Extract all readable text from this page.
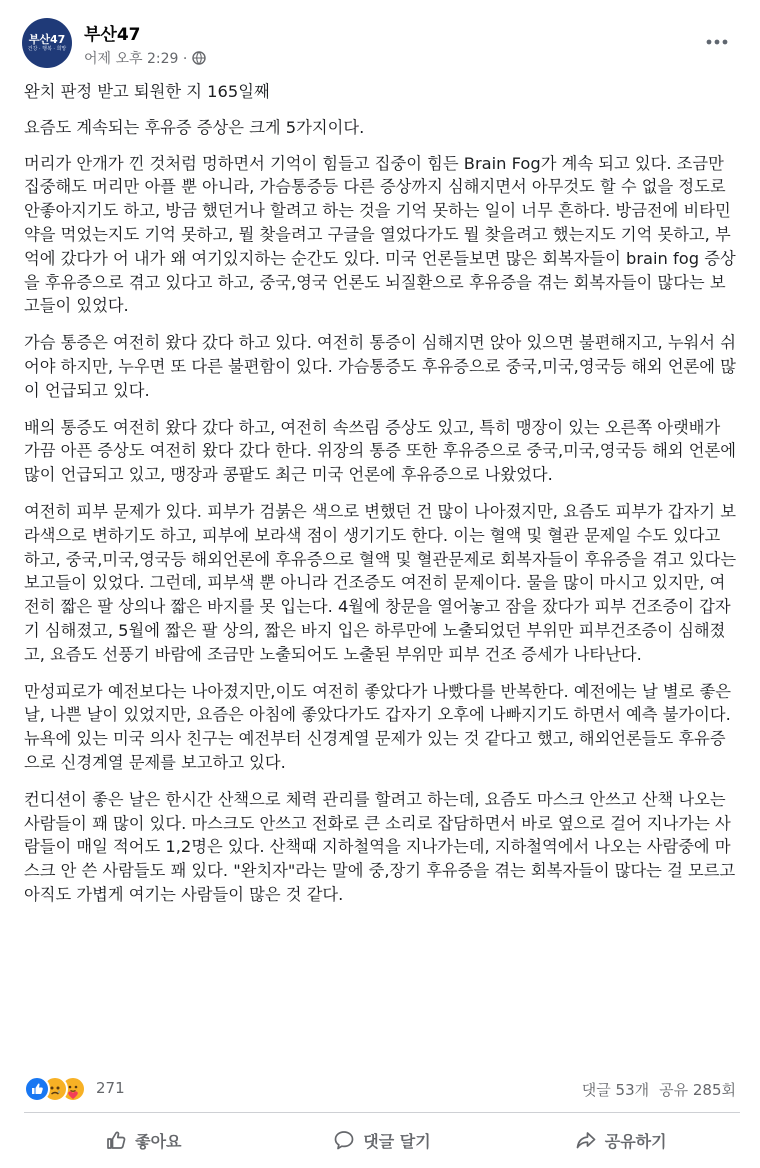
부산47
건강 · 행복 · 희망
부산47
어제 오후 2:29 ·

완치 판정 받고 퇴원한 지 165일째

요즘도 계속되는 후유증 증상은 크게 5가지이다.

머리가 안개가 낀 것처럼 멍하면서 기억이 힘들고 집중이 힘든 Brain Fog가 계속 되고 있다. 조금만 집중해도 머리만 아플 뿐 아니라, 가슴통증등 다른 증상까지 심해지면서 아무것도 할 수 없을 정도로 안좋아지기도 하고, 방금 했던거나 할려고 하는 것을 기억 못하는 일이 너무 흔하다. 방금전에 비타민 약을 먹었는지도 기억 못하고, 뭘 찾을려고 구글을 열었다가도 뭘 찾을려고 했는지도 기억 못하고, 부억에 갔다가 어 내가 왜 여기있지하는 순간도 있다. 미국 언론들보면 많은 회복자들이 brain fog 증상을 후유증으로 겪고 있다고 하고, 중국,영국 언론도 뇌질환으로 후유증을 겪는 회복자들이 많다는 보고들이 있었다.

가슴 통증은 여전히 왔다 갔다 하고 있다. 여전히 통증이 심해지면 앉아 있으면 불편해지고, 누워서 쉬어야 하지만, 누우면 또 다른 불편함이 있다. 가슴통증도 후유증으로 중국,미국,영국등 해외 언론에 많이 언급되고 있다.

배의 통증도 여전히 왔다 갔다 하고, 여전히 속쓰림 증상도 있고, 특히 맹장이 있는 오른쪽 아랫배가 가끔 아픈 증상도 여전히 왔다 갔다 한다. 위장의 통증 또한 후유증으로 중국,미국,영국등 해외 언론에 많이 언급되고 있고, 맹장과 콩팥도 최근 미국 언론에 후유증으로 나왔었다.

여전히 피부 문제가 있다. 피부가 검붉은 색으로 변했던 건 많이 나아졌지만, 요즘도 피부가 갑자기 보라색으로 변하기도 하고, 피부에 보라색 점이 생기기도 한다. 이는 혈액 및 혈관 문제일 수도 있다고 하고, 중국,미국,영국등 해외언론에 후유증으로 혈액 및 혈관문제로 회복자들이 후유증을 겪고 있다는 보고들이 있었다. 그런데, 피부색 뿐 아니라 건조증도 여전히 문제이다. 물을 많이 마시고 있지만, 여전히 짧은 팔 상의나 짧은 바지를 못 입는다. 4월에 창문을 열어놓고 잠을 잤다가 피부 건조증이 갑자기 심해졌고, 5월에 짧은 팔 상의, 짧은 바지 입은 하루만에 노출되었던 부위만 피부건조증이 심해졌고, 요즘도 선풍기 바람에 조금만 노출되어도 노출된 부위만 피부 건조 증세가 나타난다.

만성피로가 예전보다는 나아졌지만,이도 여전히 좋았다가 나빴다를 반복한다. 예전에는 날 별로 좋은 날, 나쁜 날이 있었지만, 요즘은 아침에 좋았다가도 갑자기 오후에 나빠지기도 하면서 예측 불가이다. 뉴욕에 있는 미국 의사 친구는 예전부터 신경계열 문제가 있는 것 같다고 했고, 해외언론들도 후유증으로 신경계열 문제를 보고하고 있다.

컨디션이 좋은 날은 한시간 산책으로 체력 관리를 할려고 하는데, 요즘도 마스크 안쓰고 산책 나오는 사람들이 꽤 많이 있다. 마스크도 안쓰고 전화로 큰 소리로 잡담하면서 바로 옆으로 걸어 지나가는 사람들이 매일 적어도 1,2명은 있다. 산책때 지하철역을 지나가는데, 지하철역에서 나오는 사람중에 마스크 안 쓴 사람들도 꽤 있다. "완치자"라는 말에 중,장기 후유증을 겪는 회복자들이 많다는 걸 모르고 아직도 가볍게 여기는 사람들이 많은 것 같다.

271	댓글 53개 공유 285회
좋아요	댓글 달기	공유하기
